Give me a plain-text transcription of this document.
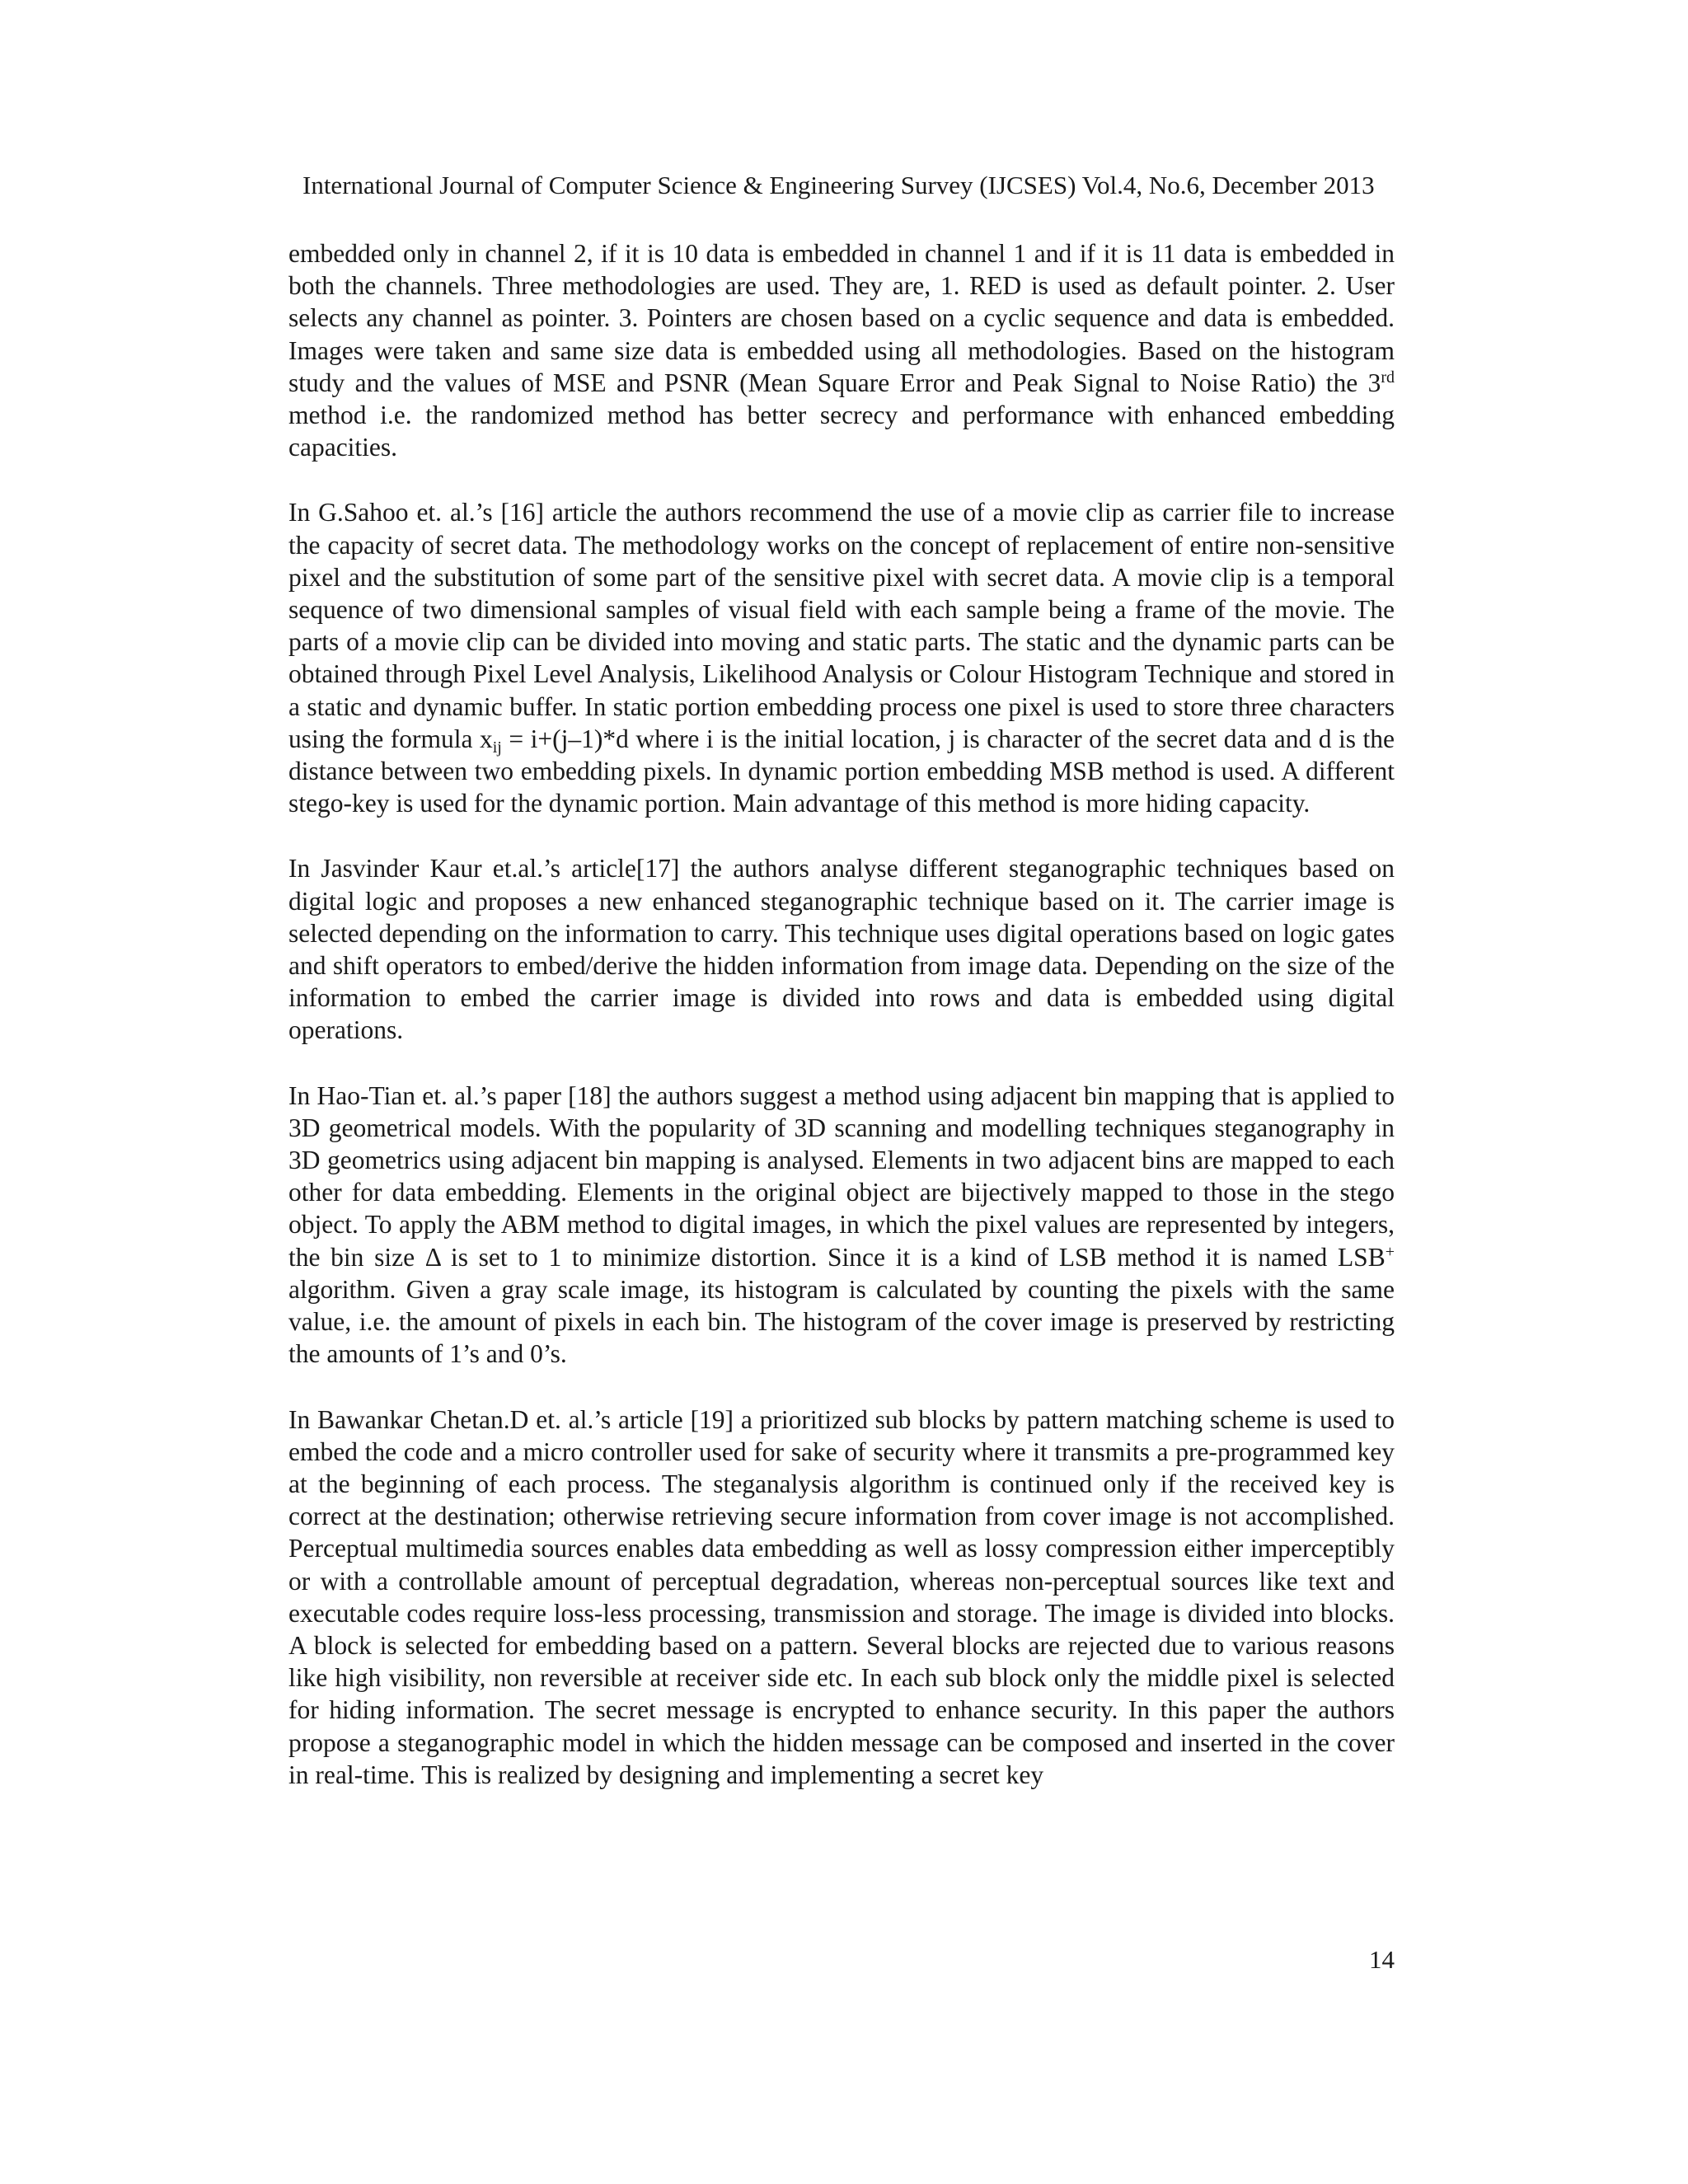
International Journal of Computer Science & Engineering Survey (IJCSES) Vol.4, No.6, December 2013

embedded only in channel 2, if it is 10 data is embedded in channel 1 and if it is 11 data is embedded in both the channels. Three methodologies are used. They are, 1. RED is used as default pointer. 2. User selects any channel as pointer. 3. Pointers are chosen based on a cyclic sequence and data is embedded. Images were taken and same size data is embedded using all methodologies. Based on the histogram study and the values of MSE and PSNR (Mean Square Error and Peak Signal to Noise Ratio) the 3rd method i.e. the randomized method has better secrecy and performance with enhanced embedding capacities.

In G.Sahoo et. al.’s [16] article the authors recommend the use of a movie clip as carrier file to increase the capacity of secret data. The methodology works on the concept of replacement of entire non-sensitive pixel and the substitution of some part of the sensitive pixel with secret data. A movie clip is a temporal sequence of two dimensional samples of visual field with each sample being a frame of the movie. The parts of a movie clip can be divided into moving and static parts. The static and the dynamic parts can be obtained through Pixel Level Analysis, Likelihood Analysis or Colour Histogram Technique and stored in a static and dynamic buffer. In static portion embedding process one pixel is used to store three characters using the formula $x_{ij} = i+(j-1)*d$ where i is the initial location, j is character of the secret data and d is the distance between two embedding pixels. In dynamic portion embedding MSB method is used. A different stego-key is used for the dynamic portion. Main advantage of this method is more hiding capacity.

In Jasvinder Kaur et.al.’s article[17] the authors analyse different steganographic techniques based on digital logic and proposes a new enhanced steganographic technique based on it. The carrier image is selected depending on the information to carry. This technique uses digital operations based on logic gates and shift operators to embed/derive the hidden information from image data. Depending on the size of the information to embed the carrier image is divided into rows and data is embedded using digital operations.

In Hao-Tian et. al.’s paper [18] the authors suggest a method using adjacent bin mapping that is applied to 3D geometrical models. With the popularity of 3D scanning and modelling techniques steganography in 3D geometrics using adjacent bin mapping is analysed. Elements in two adjacent bins are mapped to each other for data embedding. Elements in the original object are bijectively mapped to those in the stego object. To apply the ABM method to digital images, in which the pixel values are represented by integers, the bin size Δ is set to 1 to minimize distortion. Since it is a kind of LSB method it is named LSB+ algorithm. Given a gray scale image, its histogram is calculated by counting the pixels with the same value, i.e. the amount of pixels in each bin. The histogram of the cover image is preserved by restricting the amounts of 1’s and 0’s.

In Bawankar Chetan.D et. al.’s article [19] a prioritized sub blocks by pattern matching scheme is used to embed the code and a micro controller used for sake of security where it transmits a pre-programmed key at the beginning of each process. The steganalysis algorithm is continued only if the received key is correct at the destination; otherwise retrieving secure information from cover image is not accomplished. Perceptual multimedia sources enables data embedding as well as lossy compression either imperceptibly or with a controllable amount of perceptual degradation, whereas non-perceptual sources like text and executable codes require loss-less processing, transmission and storage. The image is divided into blocks. A block is selected for embedding based on a pattern. Several blocks are rejected due to various reasons like high visibility, non reversible at receiver side etc. In each sub block only the middle pixel is selected for hiding information. The secret message is encrypted to enhance security. In this paper the authors propose a steganographic model in which the hidden message can be composed and inserted in the cover in real-time. This is realized by designing and implementing a secret key

14
